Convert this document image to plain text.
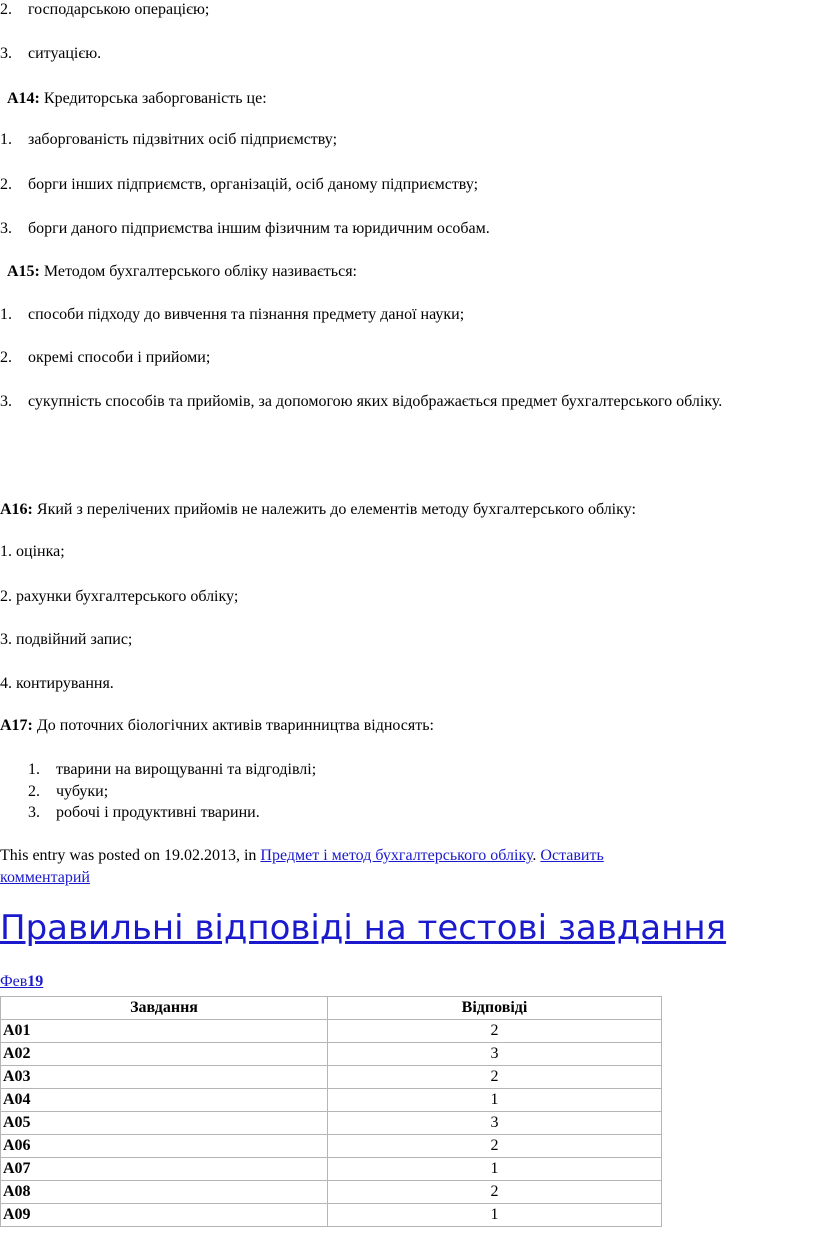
2. господарською операцією;
3. ситуацією.
А14: Кредиторська заборгованість це:
1. заборгованість підзвітних осіб підприємству;
2. борги інших підприємств, організацій, осіб даному підприємству;
3. борги даного підприємства іншим фізичним та юридичним особам.
А15: Методом бухгалтерського обліку називається:
1. способи підходу до вивчення та пізнання предмету даної науки;
2. окремі способи і прийоми;
3. сукупність способів та прийомів, за допомогою яких відображається предмет бухгалтерського обліку.
А16: Який з перелічених прийомів не належить до елементів методу бухгалтерського обліку:
1. оцінка;
2. рахунки бухгалтерського обліку;
3. подвійний запис;
4. контирування.
А17: До поточних біологічних активів тваринництва відносять:
1. тварини на вирощуванні та відгодівлі;
2. чубуки;
3. робочі і продуктивні тварини.
This entry was posted on 19.02.2013, in Предмет і метод бухгалтерського обліку. Оставить
комментарий
Правильні відповіді на тестові завдання
Фев19
Завдання	Відповіді
А01	2
А02	3
А03	2
А04	1
А05	3
А06	2
А07	1
А08	2
А09	1
